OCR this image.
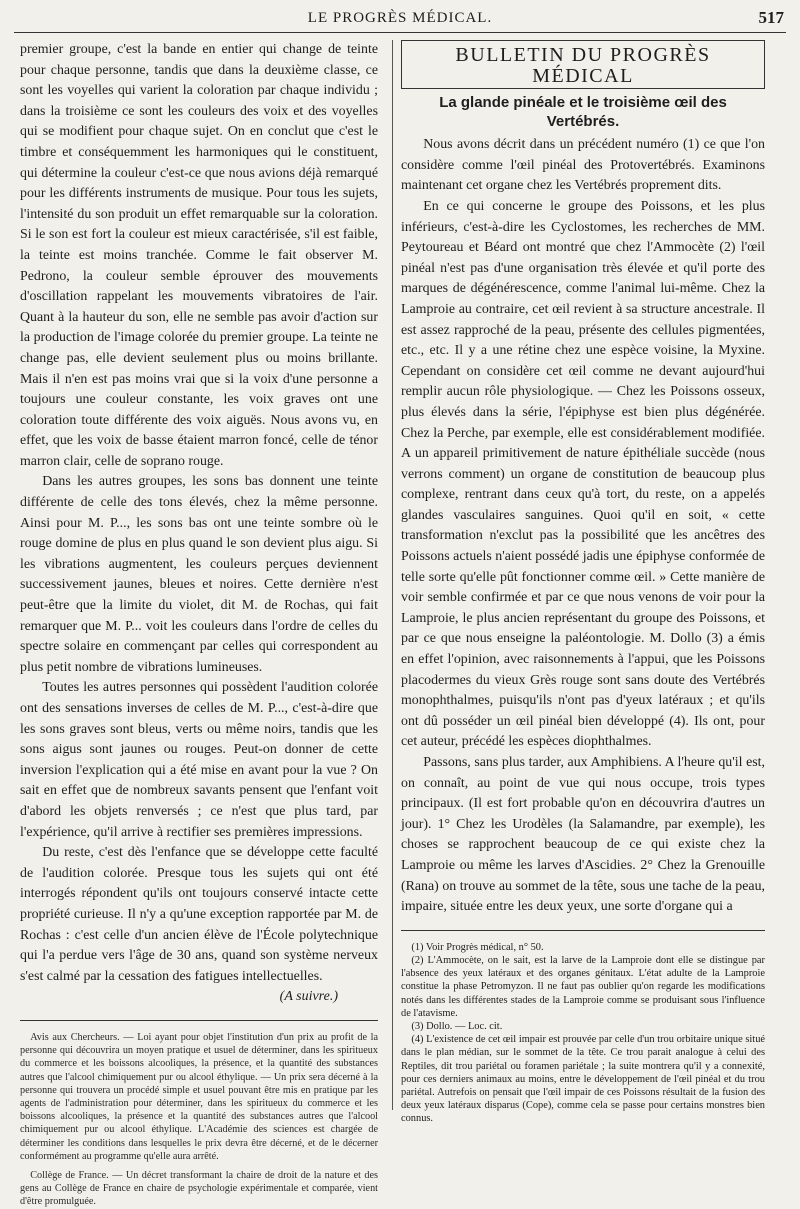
LE PROGRÈS MÉDICAL.	517

premier groupe, c'est la bande en entier qui change de teinte pour chaque personne, tandis que dans la deuxième classe, ce sont les voyelles qui varient la coloration par chaque individu ; dans la troisième ce sont les couleurs des voix et des voyelles qui se modifient pour chaque sujet. On en conclut que c'est le timbre et conséquemment les harmoniques qui le constituent, qui détermine la couleur c'est-ce que nous avions déjà remarqué pour les différents instruments de musique. Pour tous les sujets, l'intensité du son produit un effet remarquable sur la coloration. Si le son est fort la couleur est mieux caractérisée, s'il est faible, la teinte est moins tranchée. Comme le fait observer M. Pedrono, la couleur semble éprouver des mouvements d'oscillation rappelant les mouvements vibratoires de l'air. Quant à la hauteur du son, elle ne semble pas avoir d'action sur la production de l'image colorée du premier groupe. La teinte ne change pas, elle devient seulement plus ou moins brillante. Mais il n'en est pas moins vrai que si la voix d'une personne a toujours une couleur constante, les voix graves ont une coloration toute différente des voix aiguës. Nous avons vu, en effet, que les voix de basse étaient marron foncé, celle de ténor marron clair, celle de soprano rouge.

Dans les autres groupes, les sons bas donnent une teinte différente de celle des tons élevés, chez la même personne. Ainsi pour M. P..., les sons bas ont une teinte sombre où le rouge domine de plus en plus quand le son devient plus aigu. Si les vibrations augmentent, les couleurs perçues deviennent successivement jaunes, bleues et noires. Cette dernière n'est peut-être que la limite du violet, dit M. de Rochas, qui fait remarquer que M. P... voit les couleurs dans l'ordre de celles du spectre solaire en commençant par celles qui correspondent au plus petit nombre de vibrations lumineuses.

Toutes les autres personnes qui possèdent l'audition colorée ont des sensations inverses de celles de M. P..., c'est-à-dire que les sons graves sont bleus, verts ou même noirs, tandis que les sons aigus sont jaunes ou rouges. Peut-on donner de cette inversion l'explication qui a été mise en avant pour la vue ? On sait en effet que de nombreux savants pensent que l'enfant voit d'abord les objets renversés ; ce n'est que plus tard, par l'expérience, qu'il arrive à rectifier ses premières impressions.

Du reste, c'est dès l'enfance que se développe cette faculté de l'audition colorée. Presque tous les sujets qui ont été interrogés répondent qu'ils ont toujours conservé intacte cette propriété curieuse. Il n'y a qu'une exception rapportée par M. de Rochas : c'est celle d'un ancien élève de l'École polytechnique qui l'a perdue vers l'âge de 30 ans, quand son système nerveux s'est calmé par la cessation des fatigues intellectuelles.

(A suivre.)

Avis aux Chercheurs. — Loi ayant pour objet l'institution d'un prix au profit de la personne qui découvrira un moyen pratique et usuel de déterminer, dans les spiritueux du commerce et les boissons alcooliques, la présence, et la quantité des substances autres que l'alcool chimiquement pur ou alcool éthylique. — Un prix sera décerné à la personne qui trouvera un procédé simple et usuel pouvant être mis en pratique par les agents de l'administration pour déterminer, dans les spiritueux du commerce et les boissons alcooliques, la présence et la quantité des substances autres que l'alcool chimiquement pur ou alcool éthylique. L'Académie des sciences est chargée de déterminer les conditions dans lesquelles le prix devra être décerné, et de le décerner conformément au programme qu'elle aura arrêté.

Collège de France. — Un décret transformant la chaire de droit de la nature et des gens au Collège de France en chaire de psychologie expérimentale et comparée, vient d'être promulguée.

BULLETIN DU PROGRÈS MÉDICAL
La glande pinéale et le troisième œil des Vertébrés.

Nous avons décrit dans un précédent numéro (1) ce que l'on considère comme l'œil pinéal des Protovertébrés. Examinons maintenant cet organe chez les Vertébrés proprement dits.

En ce qui concerne le groupe des Poissons, et les plus inférieurs, c'est-à-dire les Cyclostomes, les recherches de MM. Peytoureau et Béard ont montré que chez l'Ammocète (2) l'œil pinéal n'est pas d'une organisation très élevée et qu'il porte des marques de dégénérescence, comme l'animal lui-même. Chez la Lamproie au contraire, cet œil revient à sa structure ancestrale. Il est assez rapproché de la peau, présente des cellules pigmentées, etc., etc. Il y a une rétine chez une espèce voisine, la Myxine. Cependant on considère cet œil comme ne devant aujourd'hui remplir aucun rôle physiologique. — Chez les Poissons osseux, plus élevés dans la série, l'épiphyse est bien plus dégénérée. Chez la Perche, par exemple, elle est considérablement modifiée. A un appareil primitivement de nature épithéliale succède (nous verrons comment) un organe de constitution de beaucoup plus complexe, rentrant dans ceux qu'à tort, du reste, on a appelés glandes vasculaires sanguines. Quoi qu'il en soit, « cette transformation n'exclut pas la possibilité que les ancêtres des Poissons actuels n'aient possédé jadis une épiphyse conformée de telle sorte qu'elle pût fonctionner comme œil. » Cette manière de voir semble confirmée et par ce que nous venons de voir pour la Lamproie, le plus ancien représentant du groupe des Poissons, et par ce que nous enseigne la paléontologie. M. Dollo (3) a émis en effet l'opinion, avec raisonnements à l'appui, que les Poissons placodermes du vieux Grès rouge sont sans doute des Vertébrés monophthalmes, puisqu'ils n'ont pas d'yeux latéraux ; et qu'ils ont dû posséder un œil pinéal bien développé (4). Ils ont, pour cet auteur, précédé les espèces diophthalmes.

Passons, sans plus tarder, aux Amphibiens. A l'heure qu'il est, on connaît, au point de vue qui nous occupe, trois types principaux. (Il est fort probable qu'on en découvrira d'autres un jour). 1° Chez les Urodèles (la Salamandre, par exemple), les choses se rapprochent beaucoup de ce qui existe chez la Lamproie ou même les larves d'Ascidies. 2° Chez la Grenouille (Rana) on trouve au sommet de la tête, sous une tache de la peau, impaire, située entre les deux yeux, une sorte d'organe qui a

(1) Voir Progrès médical, n° 50.

(2) L'Ammocète, on le sait, est la larve de la Lamproie dont elle se distingue par l'absence des yeux latéraux et des organes génitaux. L'état adulte de la Lamproie constitue la phase Petromyzon. Il ne faut pas oublier qu'on regarde les modifications notés dans les différentes stades de la Lamproie comme se produisant sous l'influence de l'atavisme.

(3) Dollo. — Loc. cit.

(4) L'existence de cet œil impair est prouvée par celle d'un trou orbitaire unique situé dans le plan médian, sur le sommet de la tête. Ce trou parait analogue à celui des Reptiles, dit trou pariétal ou foramen pariétale ; la suite montrera qu'il y a connexité, pour ces derniers animaux au moins, entre le développement de l'œil pinéal et du trou pariétal. Autrefois on pensait que l'œil impair de ces Poissons résultait de la fusion des deux yeux latéraux disparus (Cope), comme cela se passe pour certains monstres bien connus.
